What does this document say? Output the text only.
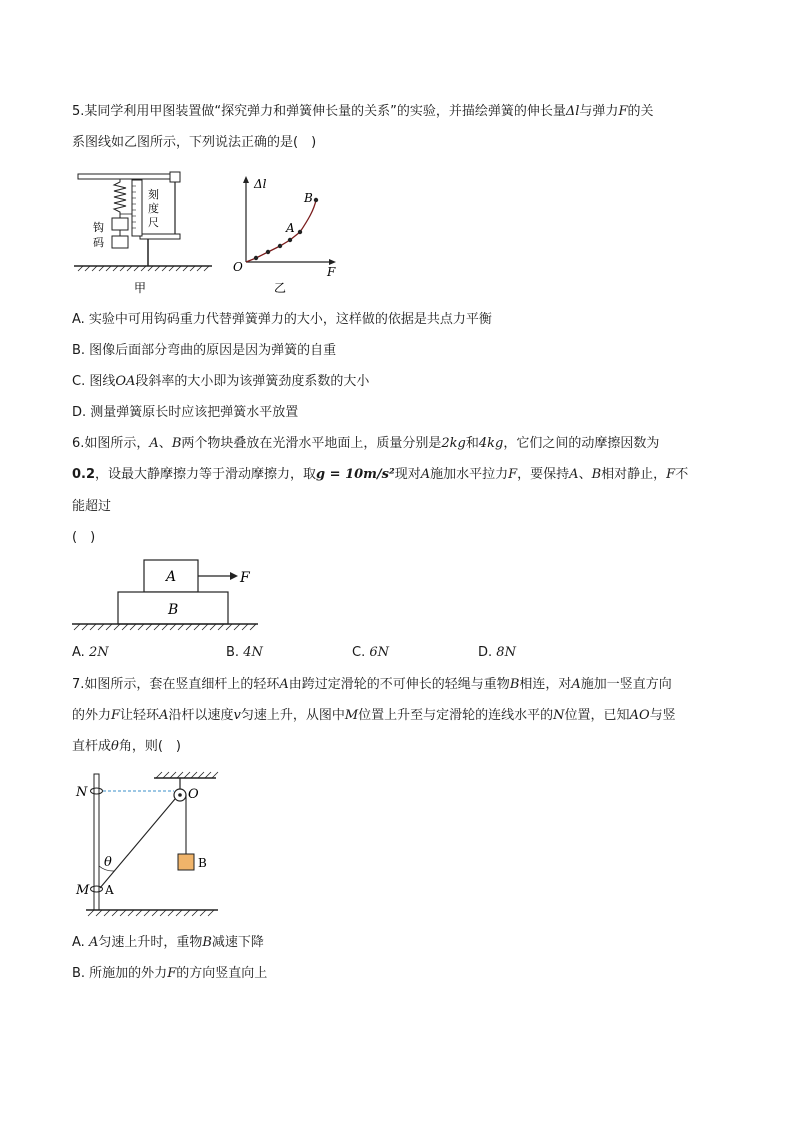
5.某同学利用甲图装置做“探究弹力和弹簧伸长量的关系”的实验，并描绘弹簧的伸长量Δl与弹力F的关
系图线如乙图所示，下列说法正确的是(　)
刻
度
尺
钩
码
甲
Δl
F
O
A
B
乙
A. 实验中可用钩码重力代替弹簧弹力的大小，这样做的依据是共点力平衡
B. 图像后面部分弯曲的原因是因为弹簧的自重
C. 图线OA段斜率的大小即为该弹簧劲度系数的大小
D. 测量弹簧原长时应该把弹簧水平放置
6.如图所示，A、B两个物块叠放在光滑水平地面上，质量分别是2kg和4kg，它们之间的动摩擦因数为
0.2，设最大静摩擦力等于滑动摩擦力，取g = 10m/s²现对A施加水平拉力F，要保持A、B相对静止，F不
能超过
(　)
A
B
F
A. 2N	B. 4N	C. 6N	D. 8N
7.如图所示，套在竖直细杆上的轻环A由跨过定滑轮的不可伸长的轻绳与重物B相连，对A施加一竖直方向
的外力F让轻环A沿杆以速度v匀速上升，从图中M位置上升至与定滑轮的连线水平的N位置，已知AO与竖
直杆成θ角，则(　)
N	O
θ
M A
B
A. A匀速上升时，重物B减速下降
B. 所施加的外力F的方向竖直向上
